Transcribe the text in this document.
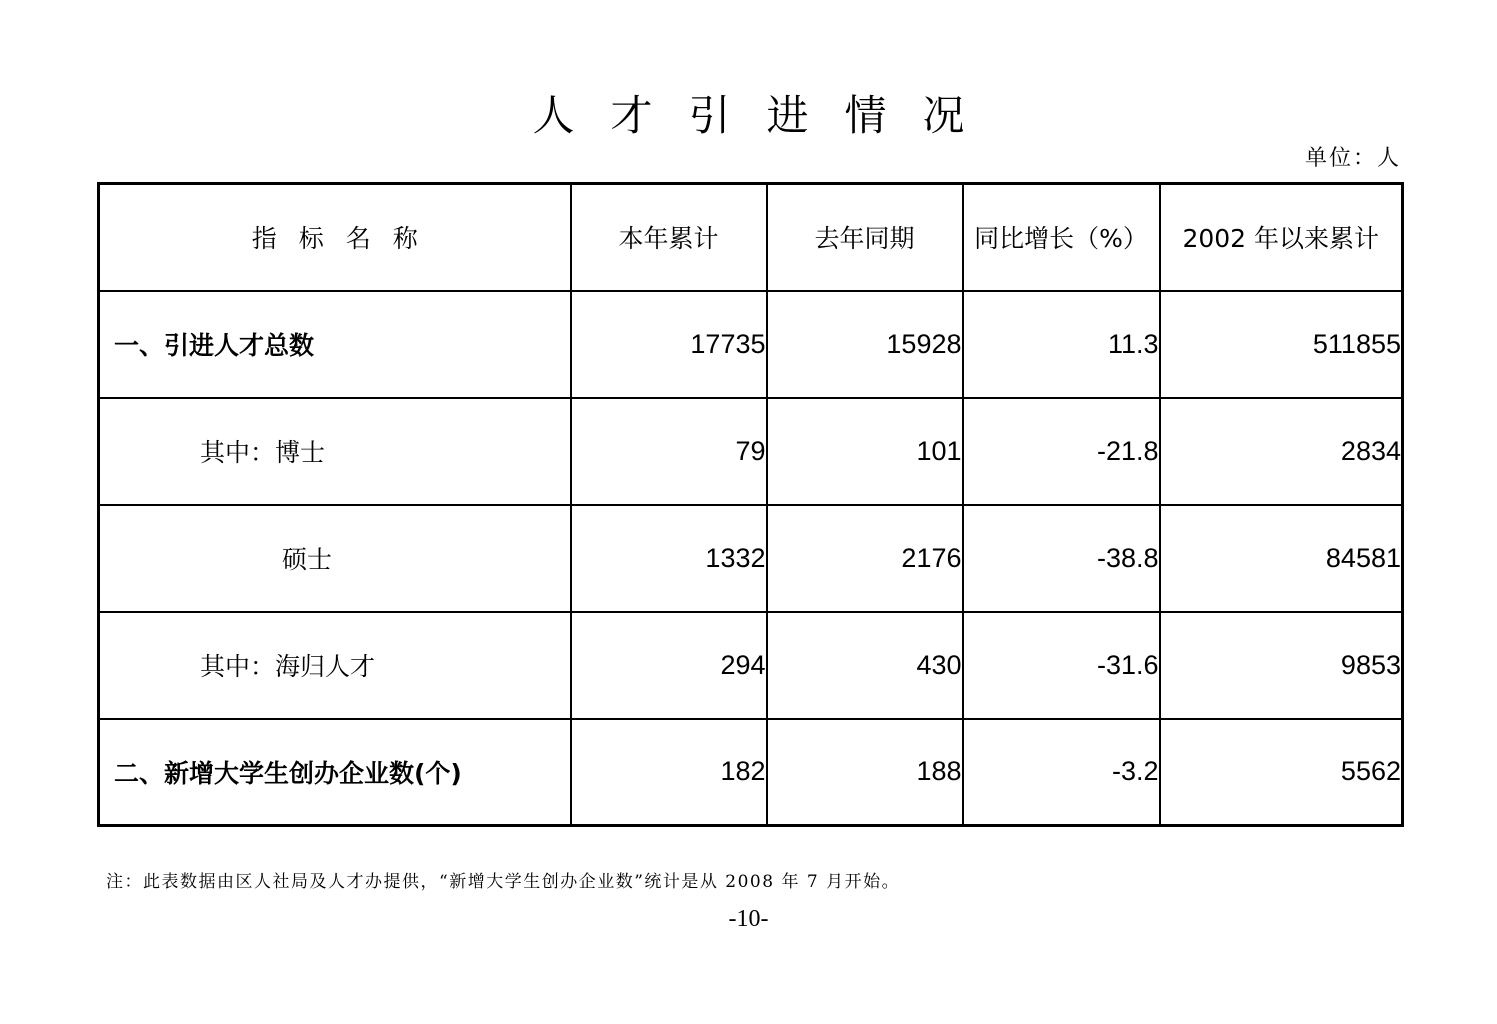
人才引进情况
单位：人
指标名称	本年累计	去年同期	同比增长（%）	2002 年以来累计
一、引进人才总数	17735	15928	11.3	511855
其中：博士	79	101	-21.8	2834
硕士	1332	2176	-38.8	84581
其中：海归人才	294	430	-31.6	9853
二、新增大学生创办企业数(个)	182	188	-3.2	5562
注：此表数据由区人社局及人才办提供，“新增大学生创办企业数”统计是从 2008 年 7 月开始。
-10-
